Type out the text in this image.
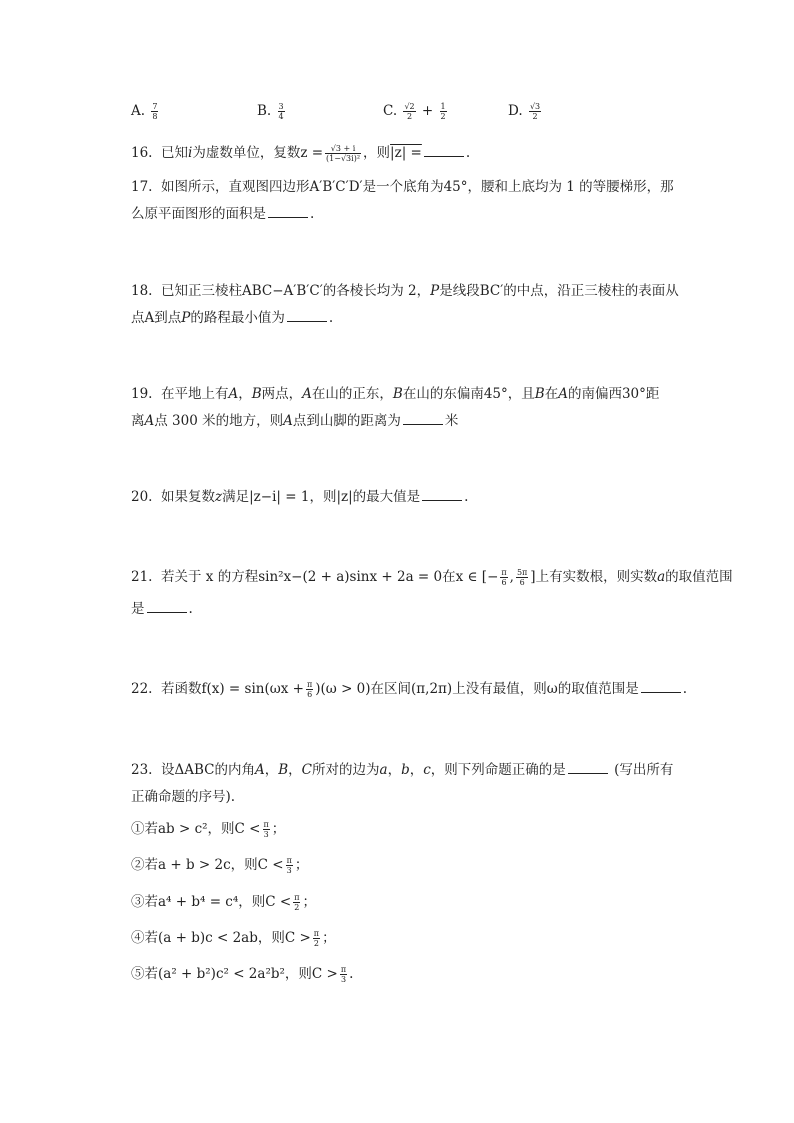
A. $\frac{7}{8}$	B. $\frac{3}{4}$	C. $\frac{√2}{2} + \frac{1}{2}$	D. $\frac{√3}{2}$
16. 已知i为虚数单位，复数$z = \frac{√3 + i}{\text{(1−√3i)²}}$ ，则|z| =	.
17. 如图所示，直观图四边形A′B′C′D′是一个底角为45°，腰和上底均为 1 的等腰梯形，那
么原平面图形的面积是	.
18. 已知正三棱柱ABC−A′B′C′的各棱长均为 2，P是线段BC′的中点，沿正三棱柱的表面从
点A到点P的路程最小值为	.
19. 在平地上有A，B两点，A在山的正东，B在山的东偏南45°，且B在A的南偏西30°距
离A点 300 米的地方，则A点到山脚的距离为	米
20. 如果复数z满足|z−i| = 1，则|z|的最大值是	.
21. 若关于 x 的方程sin²x−(2 + a)sinx + 2a = 0在x ∈ [− $\frac{\pi}{6}$ , $\frac{5\pi}{6}$ ]上有实数根，则实数a的取值范围
是	.
22. 若函数$f(x) = \sin(\omega x + \frac{\pi}{6} )(\omega > 0)$在区间(π,2π)上没有最值，则ω的取值范围是	.
23. 设ΔABC的内角A，B，C所对的边为a，b，c，则下列命题正确的是	(写出所有
正确命题的序号).
①若ab > c²，则$C < \frac{\pi}{3}$ ；
②若a + b > 2c，则$C < \frac{\pi}{3}$ ；
③若a⁴ + b⁴ = c⁴，则$C < \frac{\pi}{2}$ ；
④若(a + b)c < 2ab，则$C > \frac{\pi}{2}$ ；
⑤若(a² + b²)c² < 2a²b²，则$C > \frac{\pi}{3}$ .
